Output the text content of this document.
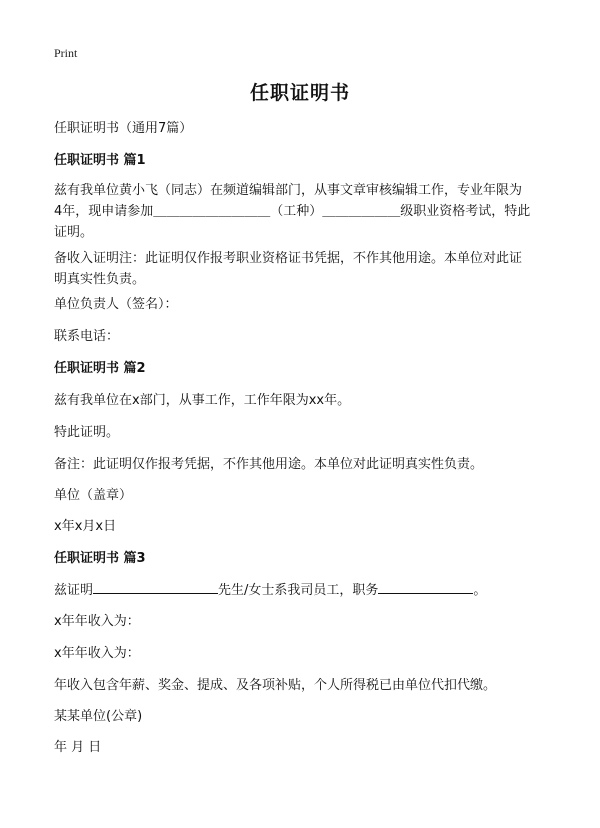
Print
任职证明书
任职证明书（通用7篇）
任职证明书 篇1
兹有我单位黄小飞（同志）在频道编辑部门，从事文章审核编辑工作，专业年限为
4年，现申请参加＿＿＿＿＿＿＿＿＿（工种）＿＿＿＿＿＿级职业资格考试，特此
证明。
备收入证明注：此证明仅作报考职业资格证书凭据，不作其他用途。本单位对此证
明真实性负责。
单位负责人（签名）：
联系电话：
任职证明书 篇2
兹有我单位在x部门，从事工作，工作年限为xx年。
特此证明。
备注：此证明仅作报考凭据，不作其他用途。本单位对此证明真实性负责。
单位（盖章）
x年x月x日
任职证明书 篇3
兹证明	先生/女士系我司员工，职务	。
x年年收入为：
x年年收入为：
年收入包含年薪、奖金、提成、及各项补贴，个人所得税已由单位代扣代缴。
某某单位(公章)
年 月 日
